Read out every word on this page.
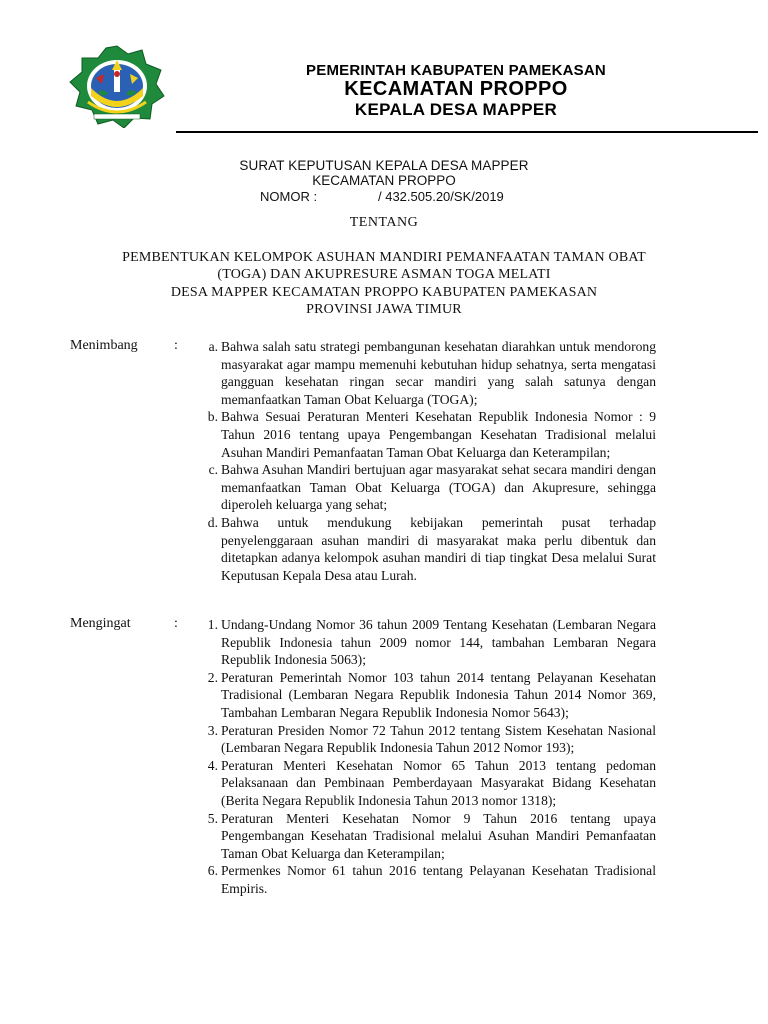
PEMERINTAH KABUPATEN PAMEKASAN

KECAMATAN PROPPO

KEPALA DESA MAPPER

SURAT KEPUTUSAN KEPALA DESA MAPPER

KECAMATAN PROPPO

NOMOR :	/ 432.505.20/SK/2019

TENTANG

PEMBENTUKAN KELOMPOK ASUHAN MANDIRI PEMANFAATAN TAMAN OBAT

(TOGA) DAN AKUPRESURE ASMAN TOGA MELATI

DESA MAPPER KECAMATAN PROPPO KABUPATEN PAMEKASAN

PROVINSI JAWA TIMUR

Menimbang	:	a. Bahwa salah satu strategi pembangunan kesehatan diarahkan untuk mendorong masyarakat agar mampu memenuhi kebutuhan hidup sehatnya, serta mengatasi gangguan kesehatan ringan secar mandiri yang salah satunya dengan memanfaatkan Taman Obat Keluarga (TOGA);
b. Bahwa Sesuai Peraturan Menteri Kesehatan Republik Indonesia Nomor : 9 Tahun 2016 tentang upaya Pengembangan Kesehatan Tradisional melalui Asuhan Mandiri Pemanfaatan Taman Obat Keluarga dan Keterampilan;
c. Bahwa Asuhan Mandiri bertujuan agar masyarakat sehat secara mandiri dengan memanfaatkan Taman Obat Keluarga (TOGA) dan Akupresure, sehingga diperoleh keluarga yang sehat;
d. Bahwa untuk mendukung kebijakan pemerintah pusat terhadap penyelenggaraan asuhan mandiri di masyarakat maka perlu dibentuk dan ditetapkan adanya kelompok asuhan mandiri di tiap tingkat Desa melalui Surat Keputusan Kepala Desa atau Lurah.
Mengingat	:	1. Undang-Undang Nomor 36 tahun 2009 Tentang Kesehatan (Lembaran Negara Republik Indonesia tahun 2009 nomor 144, tambahan Lembaran Negara Republik Indonesia 5063);
2. Peraturan Pemerintah Nomor 103 tahun 2014 tentang Pelayanan Kesehatan Tradisional (Lembaran Negara Republik Indonesia Tahun 2014 Nomor 369, Tambahan Lembaran Negara Republik Indonesia Nomor 5643);
3. Peraturan Presiden Nomor 72 Tahun 2012 tentang Sistem Kesehatan Nasional (Lembaran Negara Republik Indonesia Tahun 2012 Nomor 193);
4. Peraturan Menteri Kesehatan Nomor 65 Tahun 2013 tentang pedoman Pelaksanaan dan Pembinaan Pemberdayaan Masyarakat Bidang Kesehatan (Berita Negara Republik Indonesia Tahun 2013 nomor 1318);
5. Peraturan Menteri Kesehatan Nomor 9 Tahun 2016 tentang upaya Pengembangan Kesehatan Tradisional melalui Asuhan Mandiri Pemanfaatan Taman Obat Keluarga dan Keterampilan;
6. Permenkes Nomor 61 tahun 2016 tentang Pelayanan Kesehatan Tradisional Empiris.
